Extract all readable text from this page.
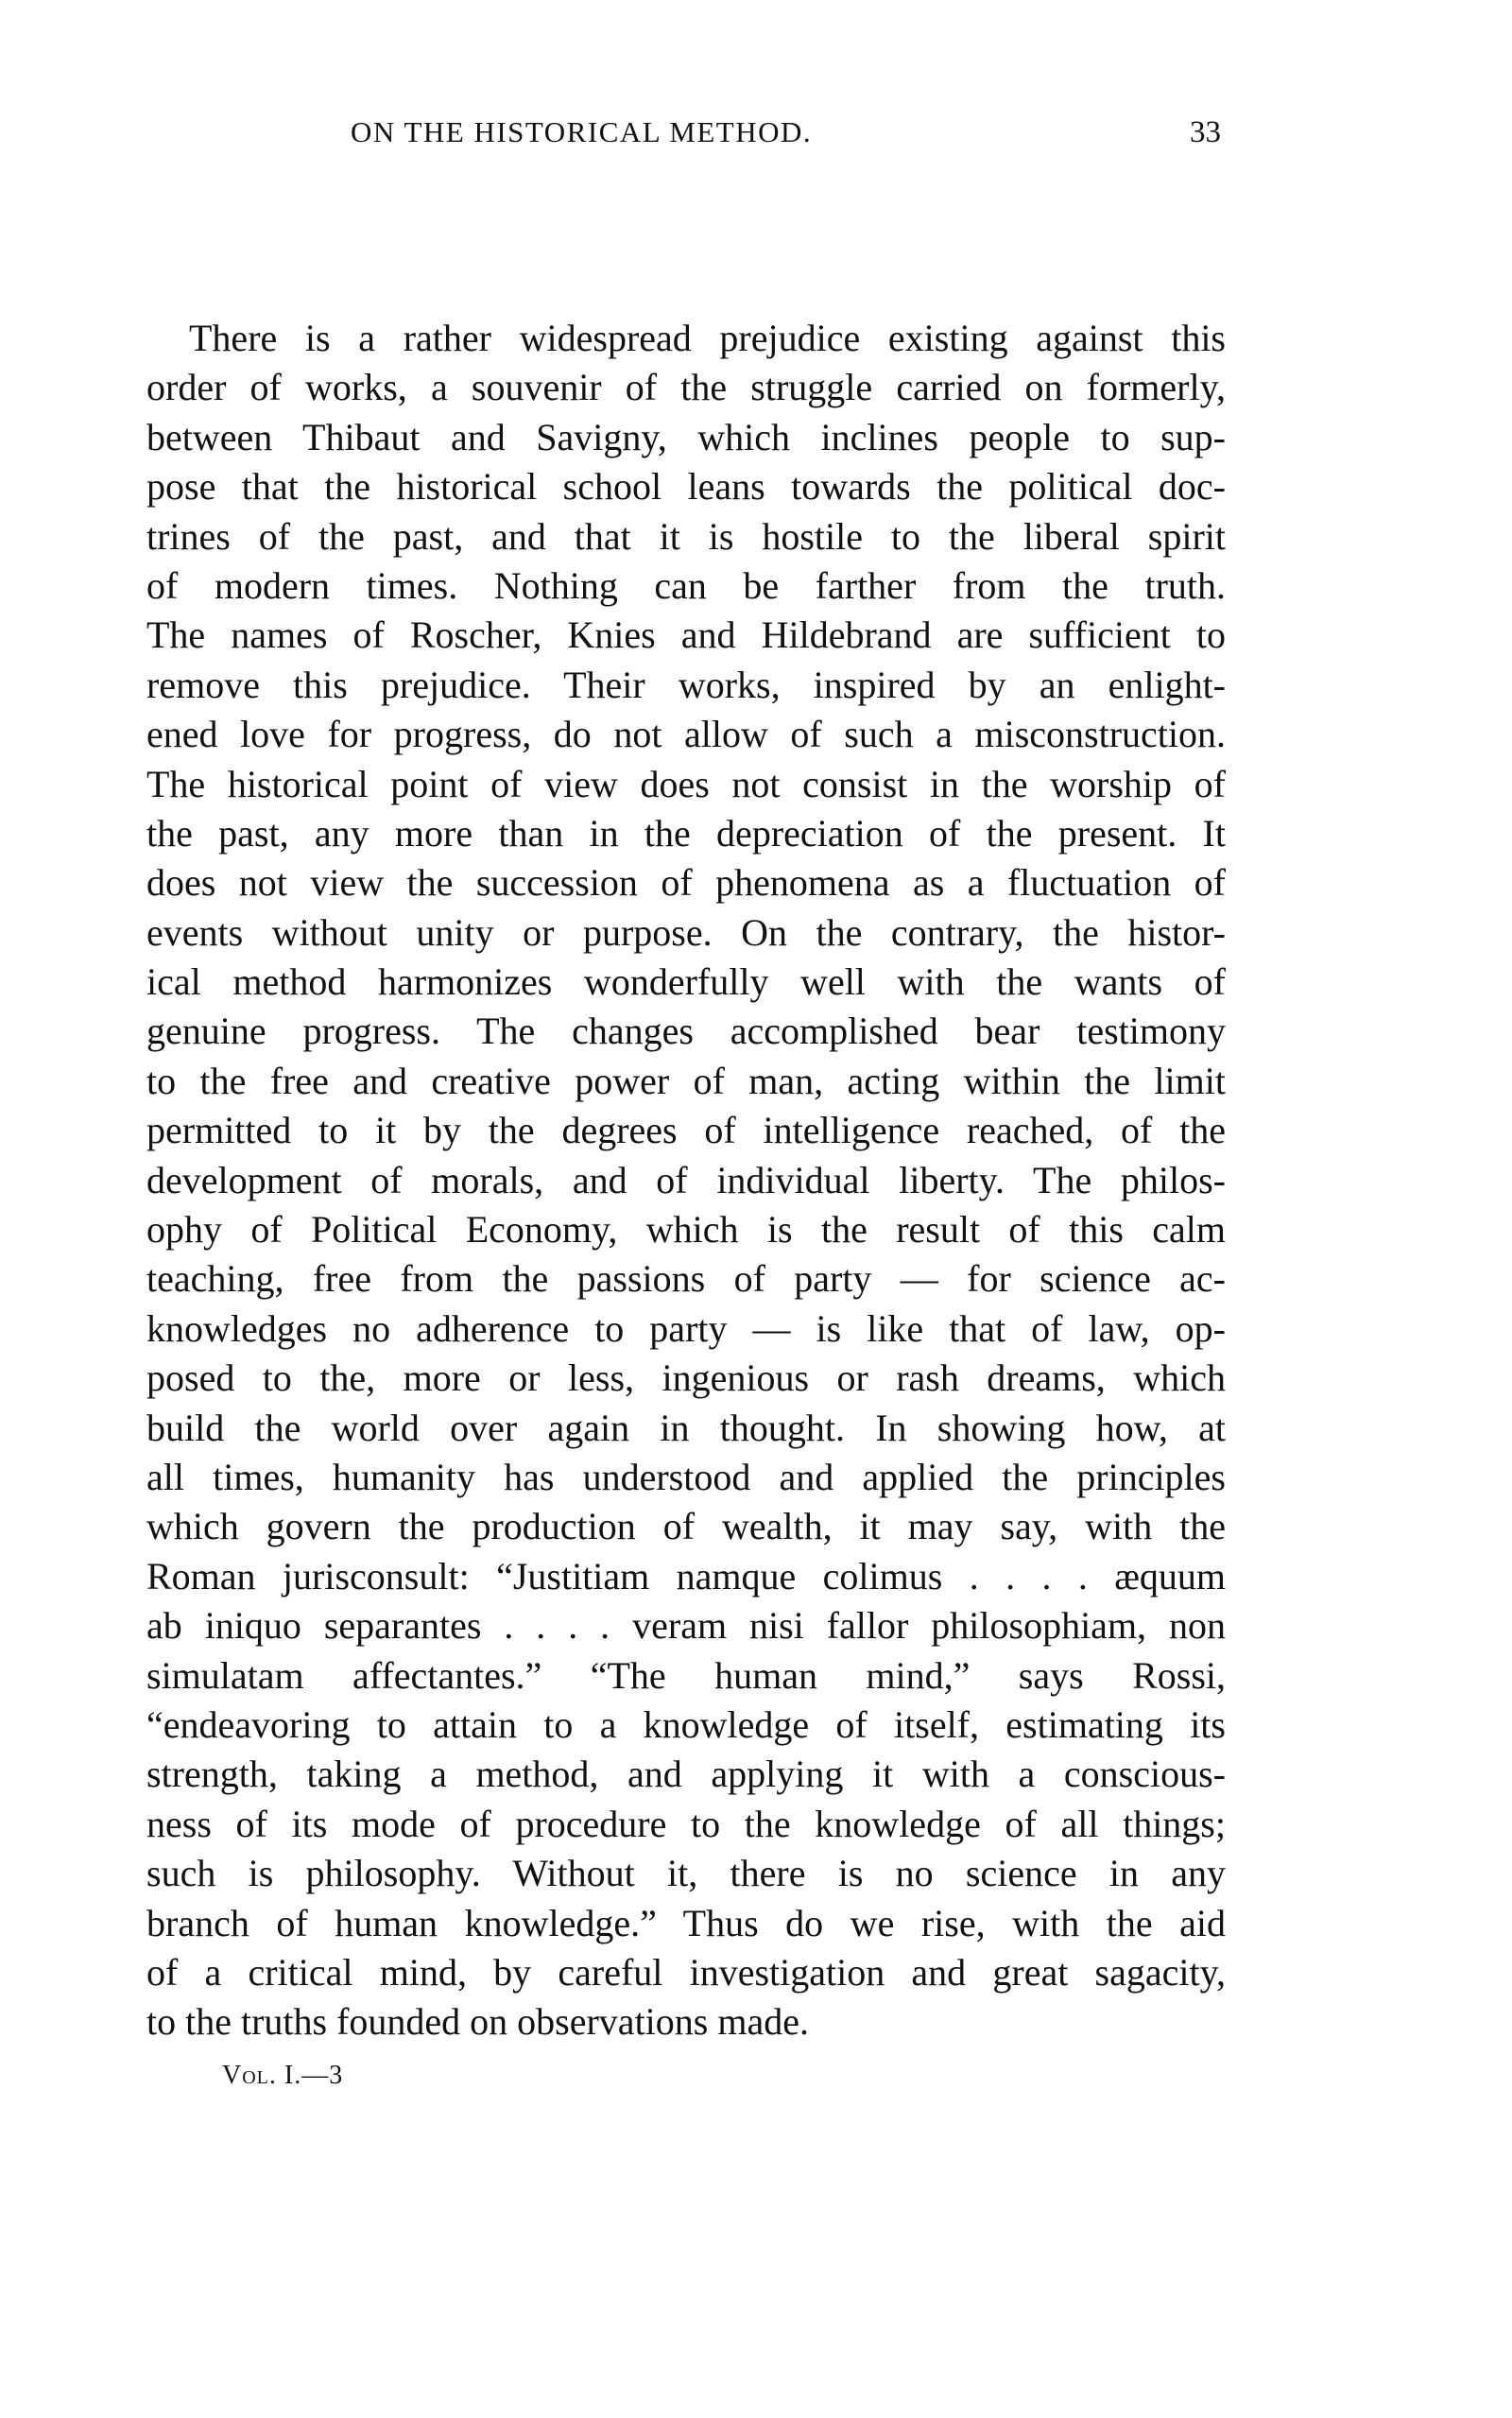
ON THE HISTORICAL METHOD.	33
There is a rather widespread prejudice existing against this
order of works, a souvenir of the struggle carried on formerly,
between Thibaut and Savigny, which inclines people to sup-
pose that the historical school leans towards the political doc-
trines of the past, and that it is hostile to the liberal spirit
of modern times. Nothing can be farther from the truth.
The names of Roscher, Knies and Hildebrand are sufficient to
remove this prejudice. Their works, inspired by an enlight-
ened love for progress, do not allow of such a misconstruction.
The historical point of view does not consist in the worship of
the past, any more than in the depreciation of the present. It
does not view the succession of phenomena as a fluctuation of
events without unity or purpose. On the contrary, the histor-
ical method harmonizes wonderfully well with the wants of
genuine progress. The changes accomplished bear testimony
to the free and creative power of man, acting within the limit
permitted to it by the degrees of intelligence reached, of the
development of morals, and of individual liberty. The philos-
ophy of Political Economy, which is the result of this calm
teaching, free from the passions of party — for science ac-
knowledges no adherence to party — is like that of law, op-
posed to the, more or less, ingenious or rash dreams, which
build the world over again in thought. In showing how, at
all times, humanity has understood and applied the principles
which govern the production of wealth, it may say, with the
Roman jurisconsult: “Justitiam namque colimus . . . . æquum
ab iniquo separantes . . . . veram nisi fallor philosophiam, non
simulatam affectantes.” “The human mind,” says Rossi,
“endeavoring to attain to a knowledge of itself, estimating its
strength, taking a method, and applying it with a conscious-
ness of its mode of procedure to the knowledge of all things;
such is philosophy. Without it, there is no science in any
branch of human knowledge.” Thus do we rise, with the aid
of a critical mind, by careful investigation and great sagacity,
to the truths founded on observations made.
Vol. I.—3
